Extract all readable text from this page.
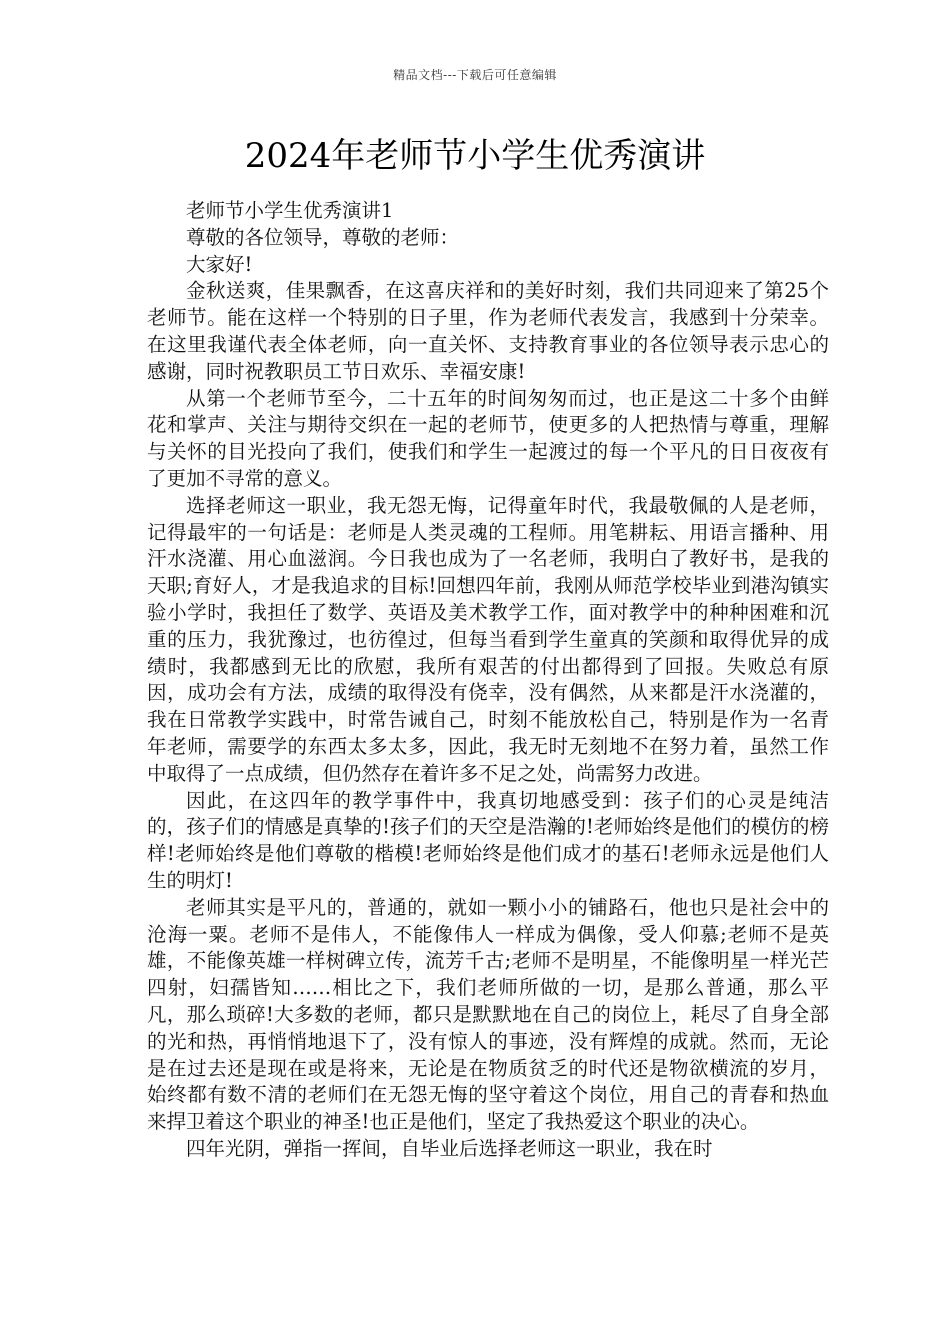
精品文档---下载后可任意编辑
2024年老师节小学生优秀演讲

老师节小学生优秀演讲1

尊敬的各位领导，尊敬的老师：

大家好!

金秋送爽，佳果飘香，在这喜庆祥和的美好时刻，我们共同迎来了第25个老师节。能在这样一个特别的日子里，作为老师代表发言，我感到十分荣幸。在这里我谨代表全体老师，向一直关怀、支持教育事业的各位领导表示忠心的感谢，同时祝教职员工节日欢乐、幸福安康!

从第一个老师节至今，二十五年的时间匆匆而过，也正是这二十多个由鲜花和掌声、关注与期待交织在一起的老师节，使更多的人把热情与尊重，理解与关怀的目光投向了我们，使我们和学生一起渡过的每一个平凡的日日夜夜有了更加不寻常的意义。

选择老师这一职业，我无怨无悔，记得童年时代，我最敬佩的人是老师，记得最牢的一句话是：老师是人类灵魂的工程师。用笔耕耘、用语言播种、用汗水浇灌、用心血滋润。今日我也成为了一名老师，我明白了教好书，是我的天职;育好人，才是我追求的目标!回想四年前，我刚从师范学校毕业到港沟镇实验小学时，我担任了数学、英语及美术教学工作，面对教学中的种种困难和沉重的压力，我犹豫过，也彷徨过，但每当看到学生童真的笑颜和取得优异的成绩时，我都感到无比的欣慰，我所有艰苦的付出都得到了回报。失败总有原因，成功会有方法，成绩的取得没有侥幸，没有偶然，从来都是汗水浇灌的，我在日常教学实践中，时常告诫自己，时刻不能放松自己，特别是作为一名青年老师，需要学的东西太多太多，因此，我无时无刻地不在努力着，虽然工作中取得了一点成绩，但仍然存在着许多不足之处，尚需努力改进。

因此，在这四年的教学事件中，我真切地感受到：孩子们的心灵是纯洁的，孩子们的情感是真挚的!孩子们的天空是浩瀚的!老师始终是他们的模仿的榜样!老师始终是他们尊敬的楷模!老师始终是他们成才的基石!老师永远是他们人生的明灯!

老师其实是平凡的，普通的，就如一颗小小的铺路石，他也只是社会中的沧海一粟。老师不是伟人，不能像伟人一样成为偶像，受人仰慕;老师不是英雄，不能像英雄一样树碑立传，流芳千古;老师不是明星，不能像明星一样光芒四射，妇孺皆知……相比之下，我们老师所做的一切，是那么普通，那么平凡，那么琐碎!大多数的老师，都只是默默地在自己的岗位上，耗尽了自身全部的光和热，再悄悄地退下了，没有惊人的事迹，没有辉煌的成就。然而，无论是在过去还是现在或是将来，无论是在物质贫乏的时代还是物欲横流的岁月，始终都有数不清的老师们在无怨无悔的坚守着这个岗位，用自己的青春和热血来捍卫着这个职业的神圣!也正是他们，坚定了我热爱这个职业的决心。

四年光阴，弹指一挥间，自毕业后选择老师这一职业，我在时
